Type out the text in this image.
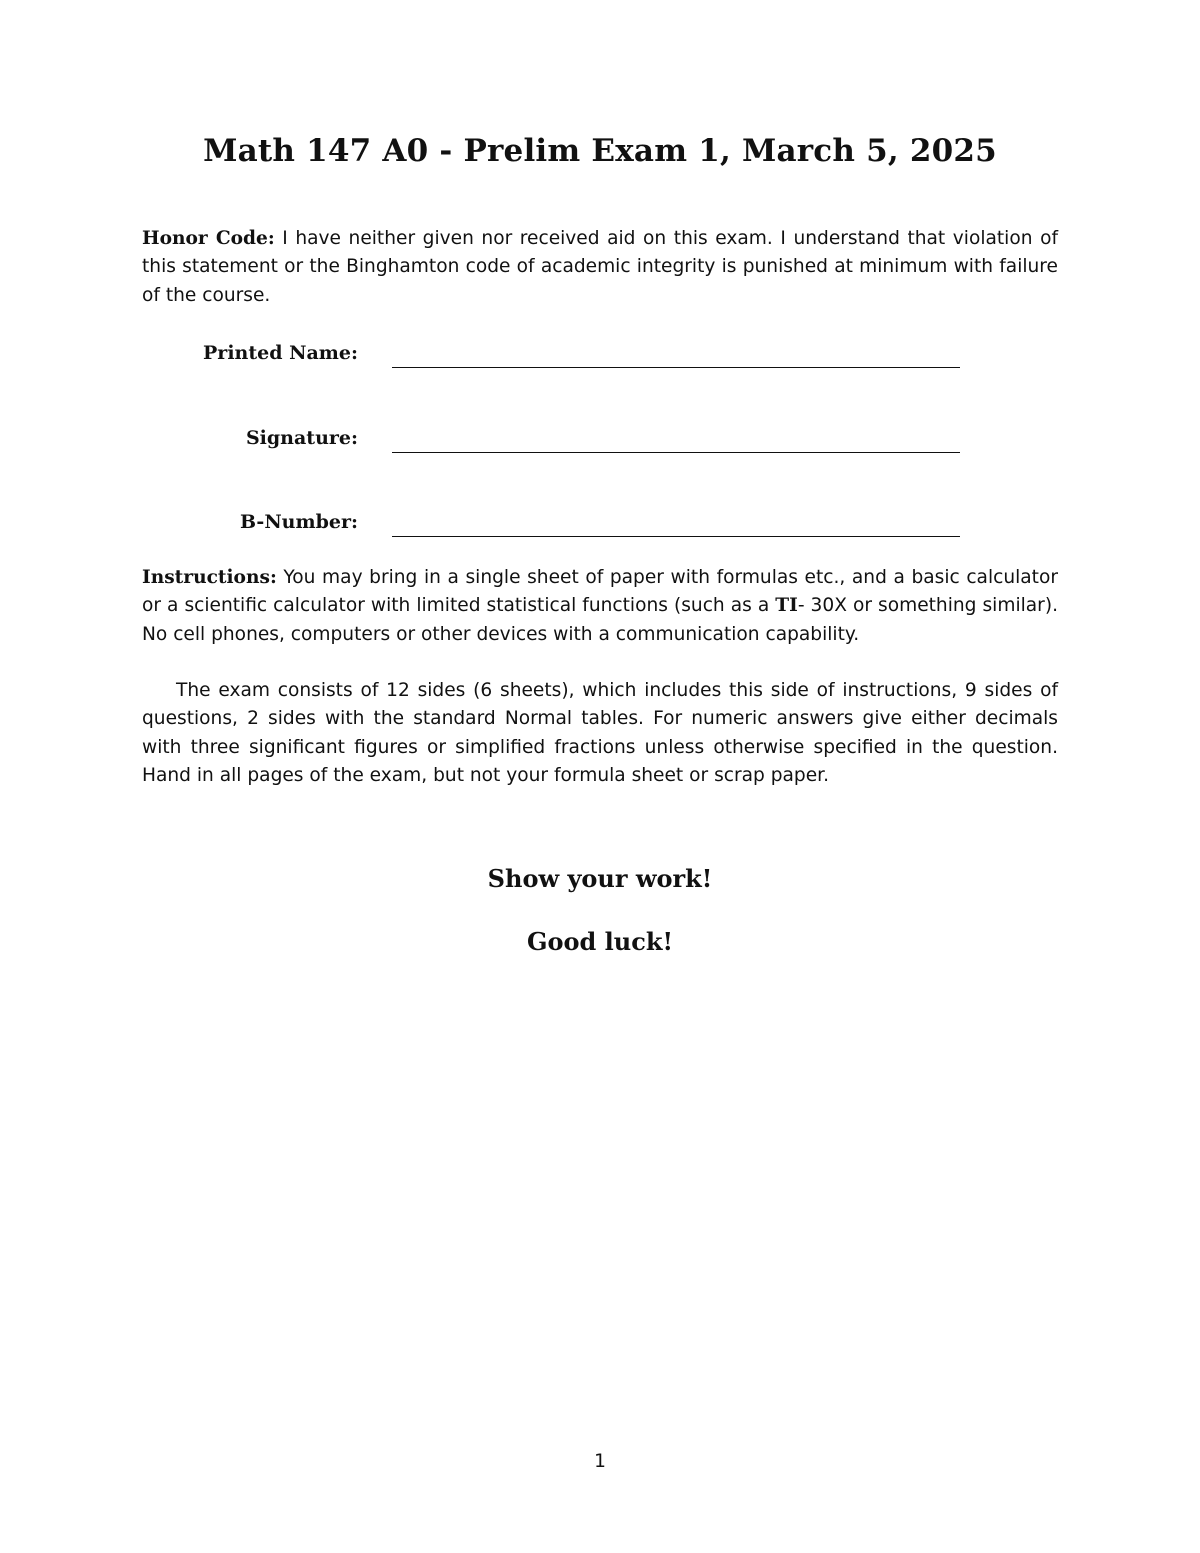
Math 147 A0 - Prelim Exam 1, March 5, 2025

Honor Code: I have neither given nor received aid on this exam. I understand that violation of this statement or the Binghamton code of academic integrity is punished at minimum with failure of the course.

Printed Name:
Signature:
B-Number:

Instructions: You may bring in a single sheet of paper with formulas etc., and a basic calculator or a scientific calculator with limited statistical functions (such as a TI- 30X or something similar). No cell phones, computers or other devices with a communication capability.

The exam consists of 12 sides (6 sheets), which includes this side of instructions, 9 sides of questions, 2 sides with the standard Normal tables. For numeric answers give either decimals with three significant figures or simplified fractions unless otherwise specified in the question. Hand in all pages of the exam, but not your formula sheet or scrap paper.

Show your work!
Good luck!
1
